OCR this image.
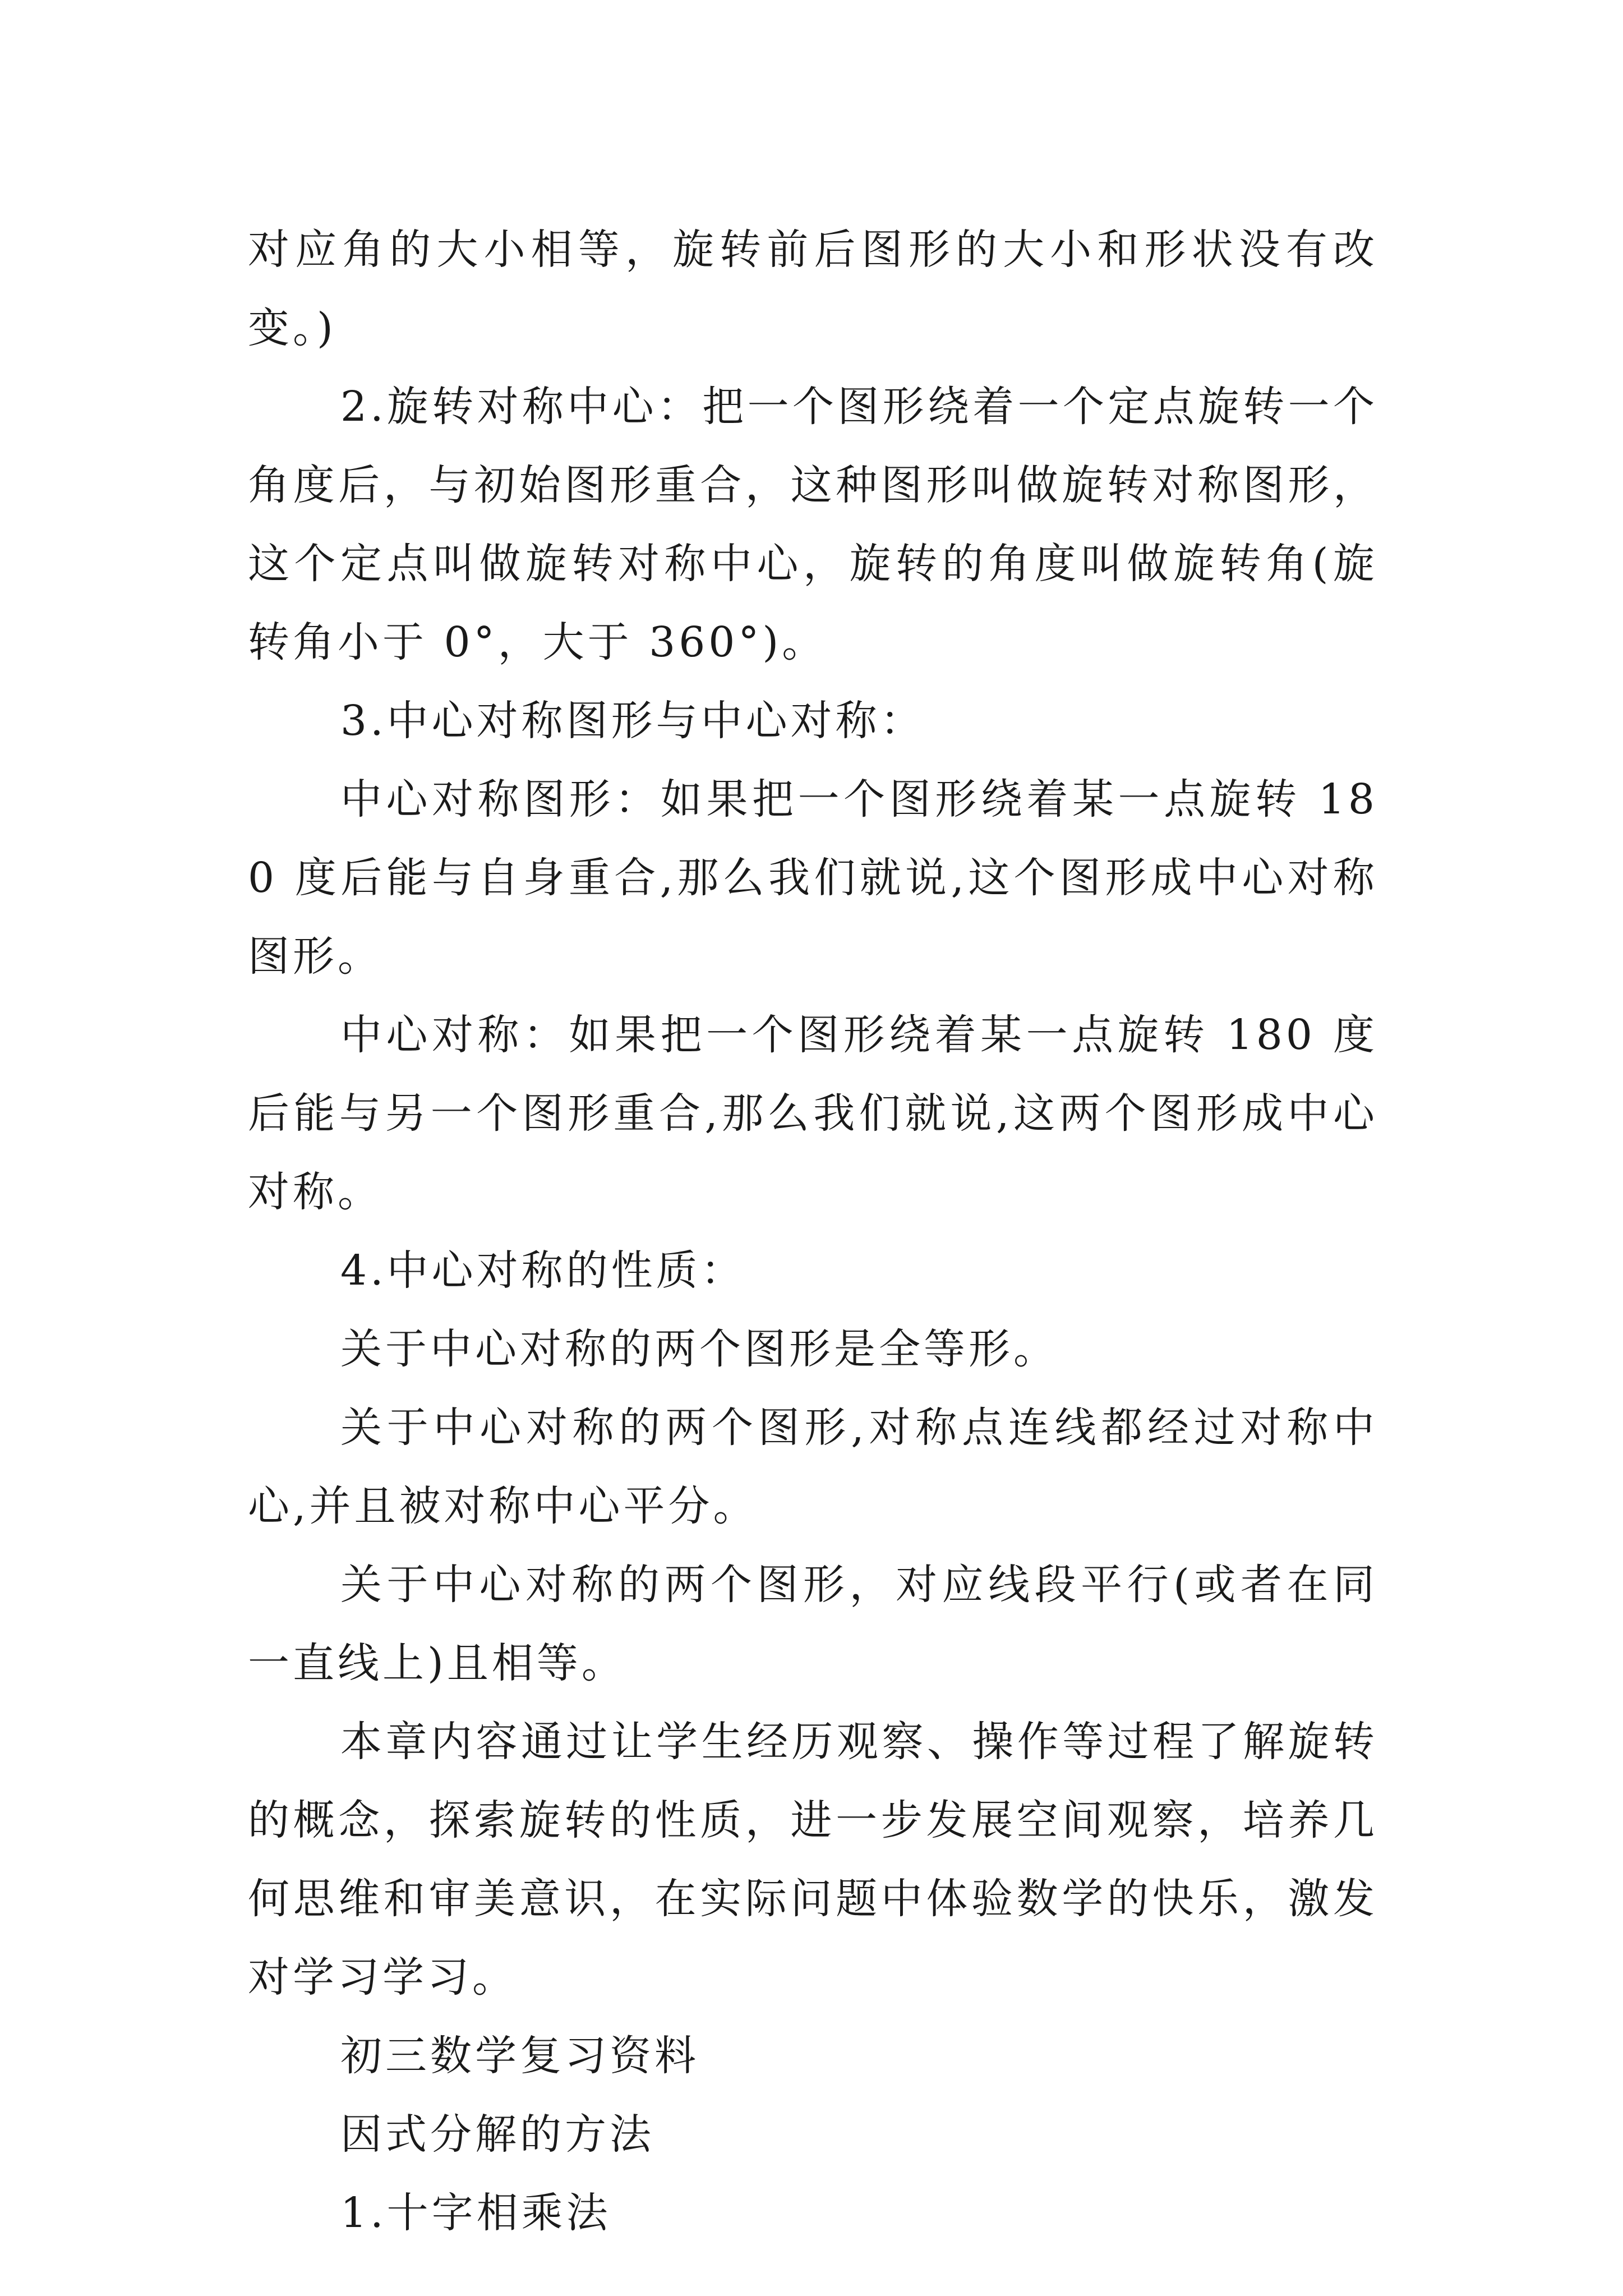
对应角的大小相等，旋转前后图形的大小和形状没有改变。)

2.旋转对称中心：把一个图形绕着一个定点旋转一个角度后，与初始图形重合，这种图形叫做旋转对称图形，这个定点叫做旋转对称中心，旋转的角度叫做旋转角(旋转角小于 0°，大于 360°)。

3.中心对称图形与中心对称：

中心对称图形：如果把一个图形绕着某一点旋转 180 度后能与自身重合,那么我们就说,这个图形成中心对称图形。

中心对称：如果把一个图形绕着某一点旋转 180 度后能与另一个图形重合,那么我们就说,这两个图形成中心对称。

4.中心对称的性质：

关于中心对称的两个图形是全等形。

关于中心对称的两个图形,对称点连线都经过对称中心,并且被对称中心平分。

关于中心对称的两个图形，对应线段平行(或者在同一直线上)且相等。

本章内容通过让学生经历观察、操作等过程了解旋转的概念，探索旋转的性质，进一步发展空间观察，培养几何思维和审美意识，在实际问题中体验数学的快乐，激发对学习学习。

初三数学复习资料

因式分解的方法

1.十字相乘法
